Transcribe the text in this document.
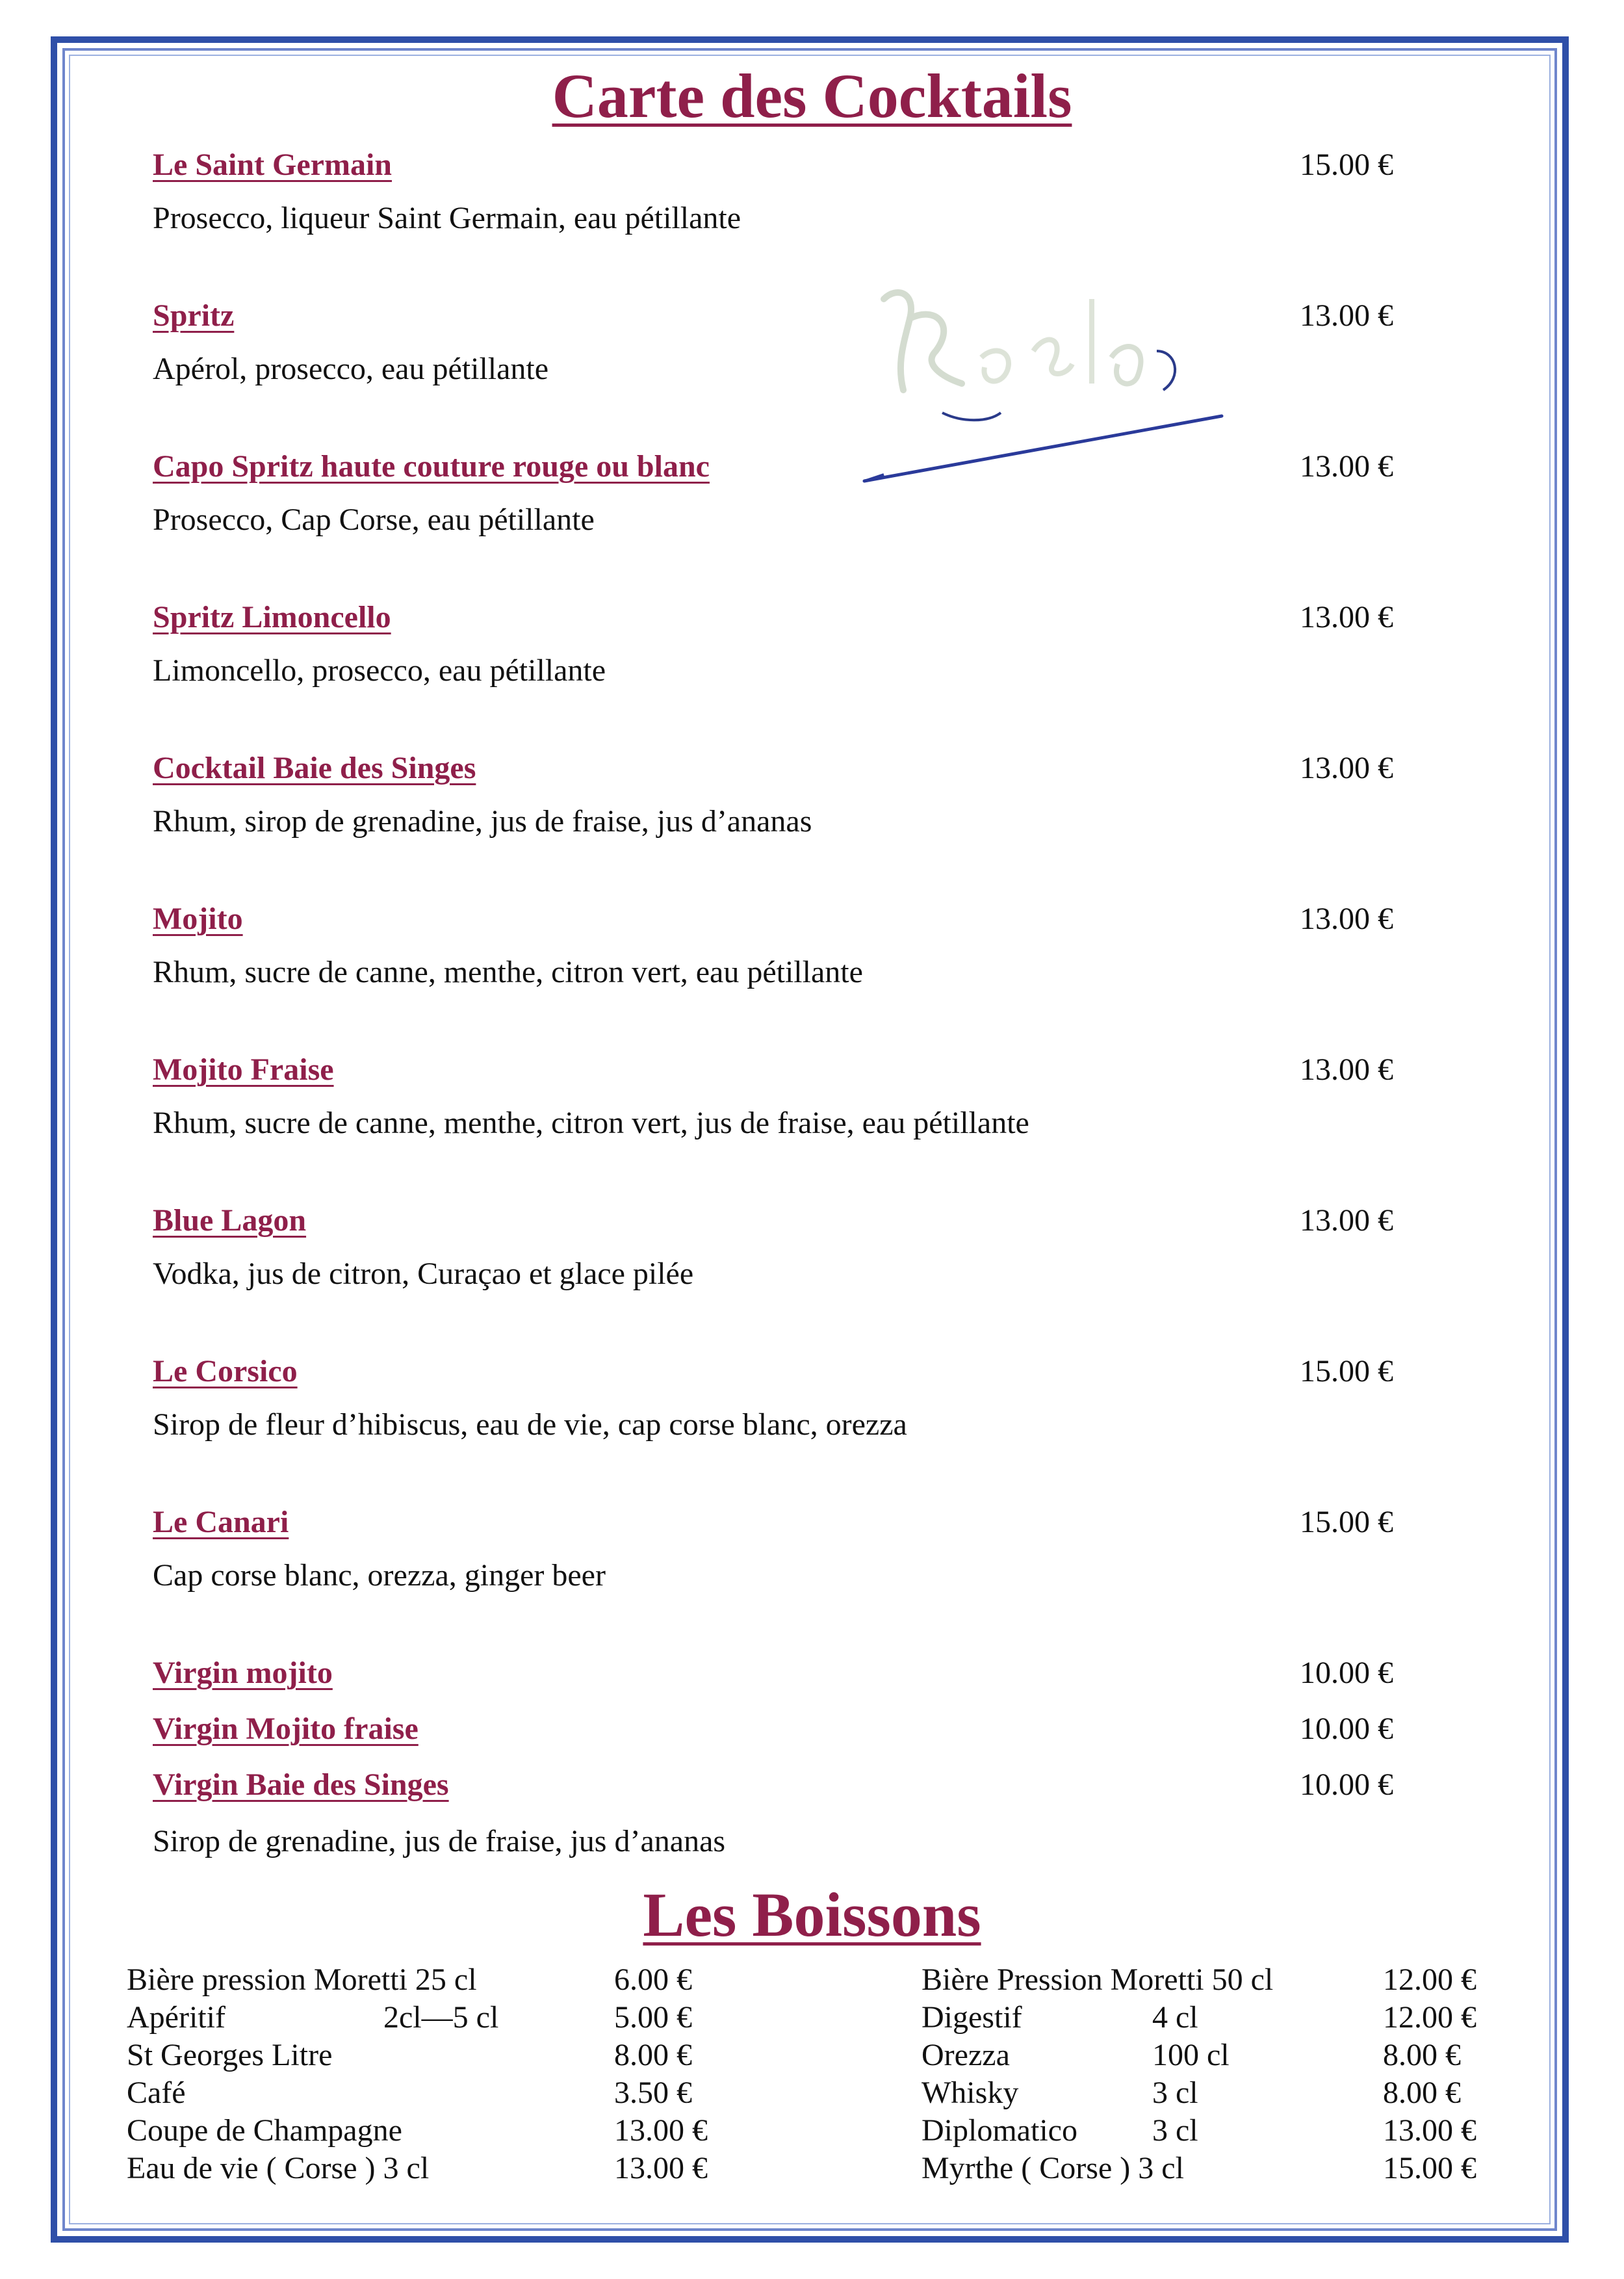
Carte des Cocktails
Le Saint Germain	15.00 €
Prosecco, liqueur Saint Germain, eau pétillante
Spritz	13.00 €
Apérol, prosecco, eau pétillante
Capo Spritz haute couture rouge ou blanc	13.00 €
Prosecco, Cap Corse, eau pétillante
Spritz Limoncello	13.00 €
Limoncello, prosecco, eau pétillante
Cocktail Baie des Singes	13.00 €
Rhum, sirop de grenadine, jus de fraise, jus d’ananas
Mojito	13.00 €
Rhum, sucre de canne, menthe, citron vert, eau pétillante
Mojito Fraise	13.00 €
Rhum, sucre de canne, menthe, citron vert, jus de fraise, eau pétillante
Blue Lagon	13.00 €
Vodka, jus de citron, Curaçao et glace pilée
Le Corsico	15.00 €
Sirop de fleur d’hibiscus, eau de vie, cap corse blanc, orezza
Le Canari	15.00 €
Cap corse blanc, orezza, ginger beer
Virgin mojito	10.00 €
Virgin Mojito fraise	10.00 €
Virgin Baie des Singes	10.00 €
Sirop de grenadine, jus de fraise, jus d’ananas
Les Boissons
Bière pression Moretti 25 cl	6.00 €
Apéritif	2cl—5 cl	5.00 €
St Georges Litre	8.00 €
Café	3.50 €
Coupe de Champagne	13.00 €
Eau de vie ( Corse ) 3 cl	13.00 €
Bière Pression Moretti 50 cl	12.00 €
Digestif	4 cl	12.00 €
Orezza	100 cl	8.00 €
Whisky	3 cl	8.00 €
Diplomatico 3 cl	13.00 €
Myrthe ( Corse ) 3 cl	15.00 €
